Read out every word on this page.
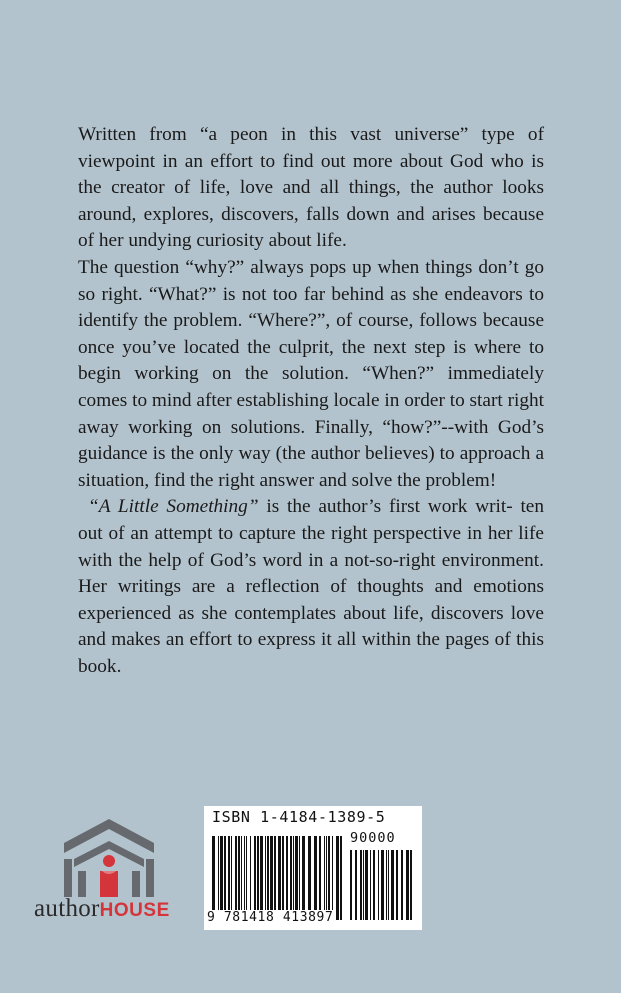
Written from “a peon in this vast universe” type of viewpoint in an effort to find out more about God who is the creator of life, love and all things, the author looks around, explores, discovers, falls down and arises because of her undying curiosity about life.

The question “why?” always pops up when things don’t go so right. “What?” is not too far behind as she endeavors to identify the problem. “Where?”, of course, follows because once you’ve located the culprit, the next step is where to begin working on the solution. “When?” immediately comes to mind after establishing locale in order to start right away working on solutions. Finally, “how?”--with God’s guidance is the only way (the author believes) to approach a situation, find the right answer and solve the problem!

“A Little Something” is the author’s first work writ- ten out of an attempt to capture the right perspective in her life with the help of God’s word in a not-so-right environment. Her writings are a reflection of thoughts and emotions experienced as she contemplates about life, discovers love and makes an effort to express it all within the pages of this book.

authorHOUSE
ISBN 1-4184-1389-5
90000
9 781418 413897
